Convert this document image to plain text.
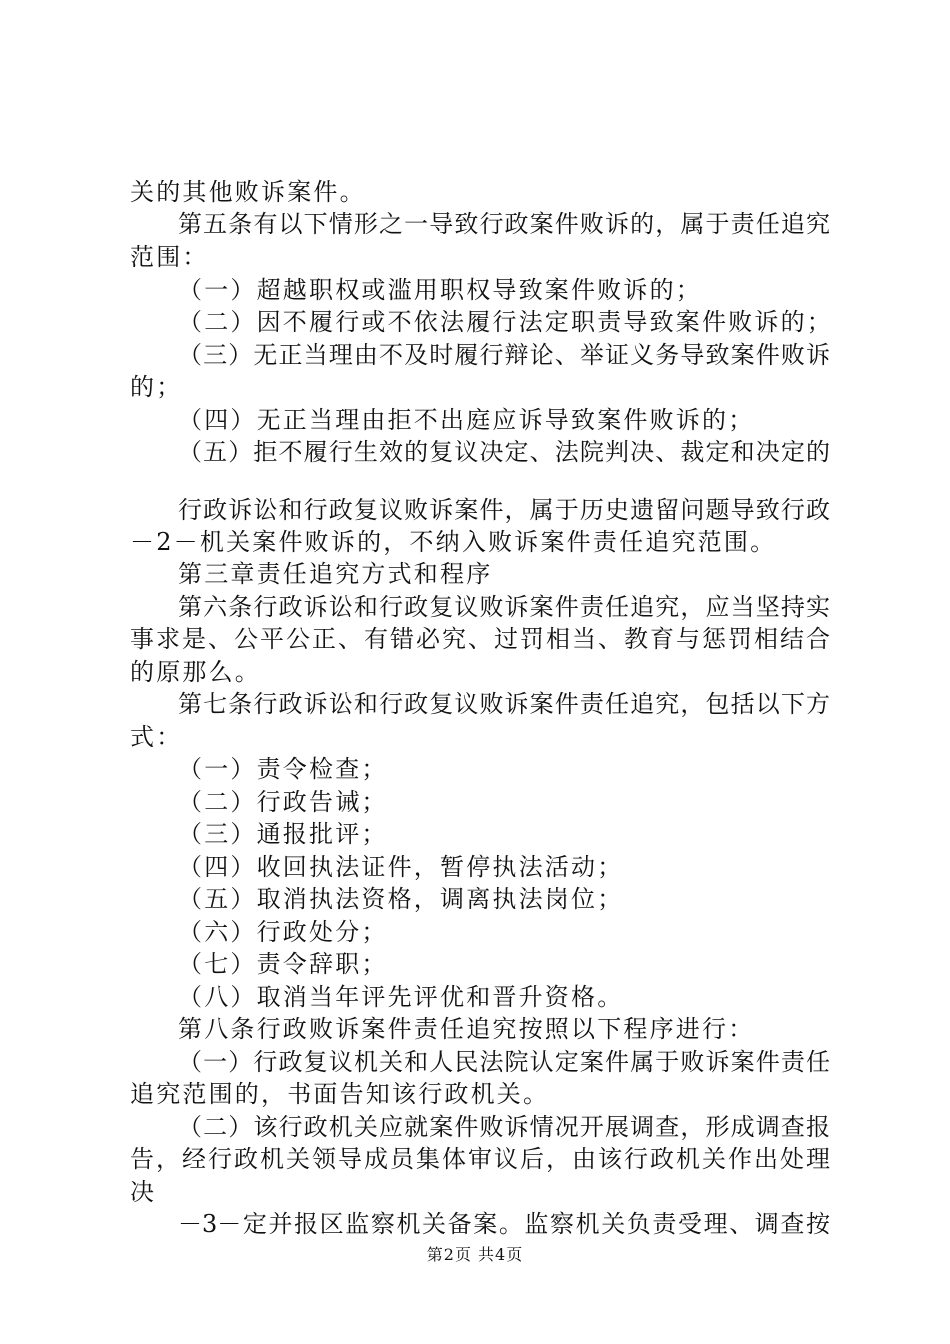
关的其他败诉案件。
第五条有以下情形之一导致行政案件败诉的，属于责任追究
范围：
（一）超越职权或滥用职权导致案件败诉的；
（二）因不履行或不依法履行法定职责导致案件败诉的；
（三）无正当理由不及时履行辩论、举证义务导致案件败诉
的；
（四）无正当理由拒不出庭应诉导致案件败诉的；
（五）拒不履行生效的复议决定、法院判决、裁定和决定的
行政诉讼和行政复议败诉案件，属于历史遗留问题导致行政
－2－机关案件败诉的，不纳入败诉案件责任追究范围。
第三章责任追究方式和程序
第六条行政诉讼和行政复议败诉案件责任追究，应当坚持实
事求是、公平公正、有错必究、过罚相当、教育与惩罚相结合
的原那么。
第七条行政诉讼和行政复议败诉案件责任追究，包括以下方
式：
（一）责令检查；
（二）行政告诫；
（三）通报批评；
（四）收回执法证件，暂停执法活动；
（五）取消执法资格，调离执法岗位；
（六）行政处分；
（七）责令辞职；
（八）取消当年评先评优和晋升资格。
第八条行政败诉案件责任追究按照以下程序进行：
（一）行政复议机关和人民法院认定案件属于败诉案件责任
追究范围的，书面告知该行政机关。
（二）该行政机关应就案件败诉情况开展调查，形成调查报
告，经行政机关领导成员集体审议后，由该行政机关作出处理
决
－3－定并报区监察机关备案。监察机关负责受理、调查按
第2页 共4页
